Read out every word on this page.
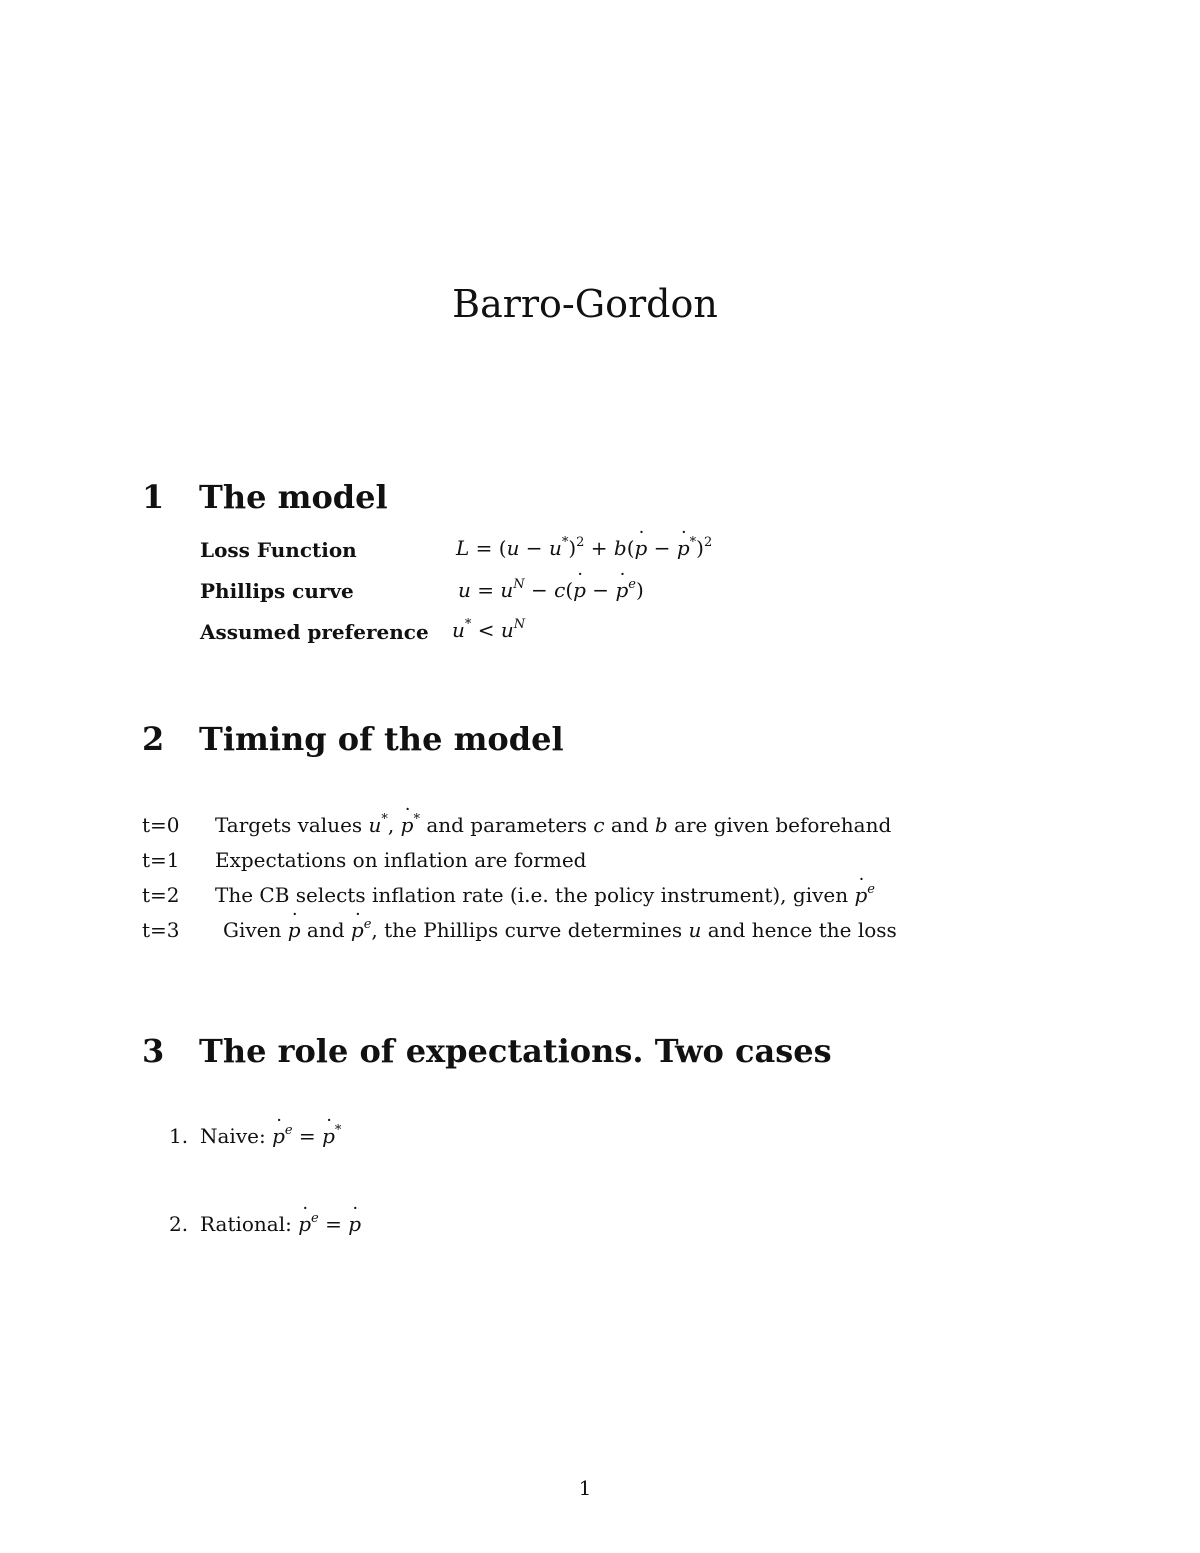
Barro-Gordon
1 The model
Loss Function	$L = (u - u^*)^2$ + b(˙ p − ˙ p*)$^2$
Phillips curve	$u = u^N$ − c(˙ p − ˙ $p^e$)
Assumed preference $u^* < u^N$
2 Timing of the model
t=0 Targets values u*, ˙ p* and parameters c and b are given beforehand
t=1 Expectations on inflation are formed
t=2 The CB selects inflation rate (i.e. the policy instrument), given ˙ $p^e$
t=3 Given ˙ p and ˙ $p^e$, the Phillips curve determines u and hence the loss
3 The role of expectations. Two cases
1. Naive: ˙ $p^e$ = ˙ p*
2. Rational: ˙ $p^e$ = ˙ p
1
